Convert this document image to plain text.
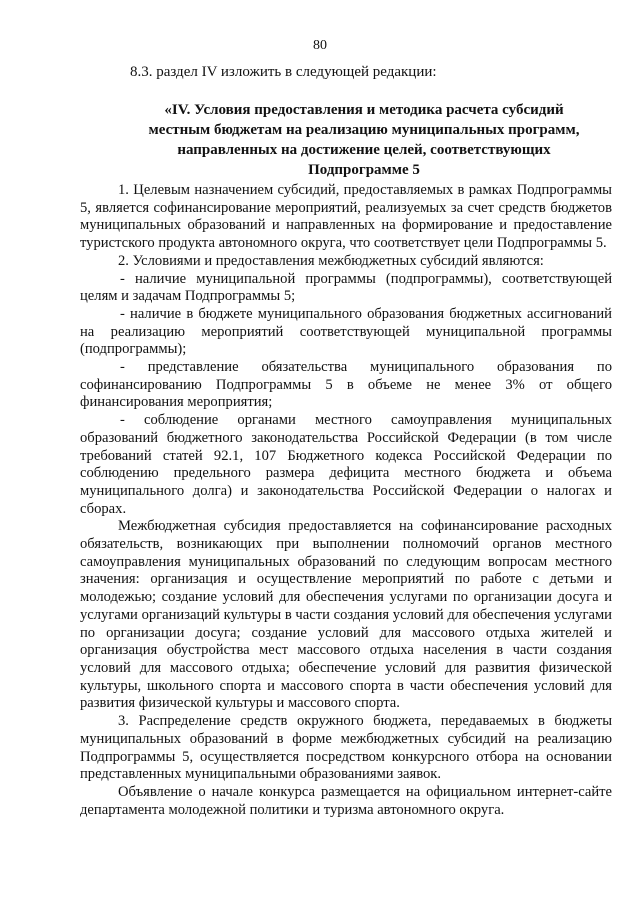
80
8.3. раздел IV изложить в следующей редакции:
«IV. Условия предоставления и методика расчета субсидий
местным бюджетам на реализацию муниципальных программ,
направленных на достижение целей, соответствующих
Подпрограмме 5

1. Целевым назначением субсидий, предоставляемых в рамках Подпрограммы 5, является софинансирование мероприятий, реализуемых за счет средств бюджетов муниципальных образований и направленных на формирование и предоставление туристского продукта автономного округа, что соответствует цели Подпрограммы 5.

2. Условиями и предоставления межбюджетных субсидий являются:

- наличие муниципальной программы (подпрограммы), соответствующей целям и задачам Подпрограммы 5;

- наличие в бюджете муниципального образования бюджетных ассигнований на реализацию мероприятий соответствующей муниципальной программы (подпрограммы);

- представление обязательства муниципального образования по софинансированию Подпрограммы 5 в объеме не менее 3% от общего финансирования мероприятия;

- соблюдение органами местного самоуправления муниципальных образований бюджетного законодательства Российской Федерации (в том числе требований статей 92.1, 107 Бюджетного кодекса Российской Федерации по соблюдению предельного размера дефицита местного бюджета и объема муниципального долга) и законодательства Российской Федерации о налогах и сборах.

Межбюджетная субсидия предоставляется на софинансирование расходных обязательств, возникающих при выполнении полномочий органов местного самоуправления муниципальных образований по следующим вопросам местного значения: организация и осуществление мероприятий по работе с детьми и молодежью; создание условий для обеспечения услугами по организации досуга и услугами организаций культуры в части создания условий для обеспечения услугами по организации досуга; создание условий для массового отдыха жителей и организация обустройства мест массового отдыха населения в части создания условий для массового отдыха; обеспечение условий для развития физической культуры, школьного спорта и массового спорта в части обеспечения условий для развития физической культуры и массового спорта.

3. Распределение средств окружного бюджета, передаваемых в бюджеты муниципальных образований в форме межбюджетных субсидий на реализацию Подпрограммы 5, осуществляется посредством конкурсного отбора на основании представленных муниципальными образованиями заявок.

Объявление о начале конкурса размещается на официальном интернет-сайте департамента молодежной политики и туризма автономного округа.
